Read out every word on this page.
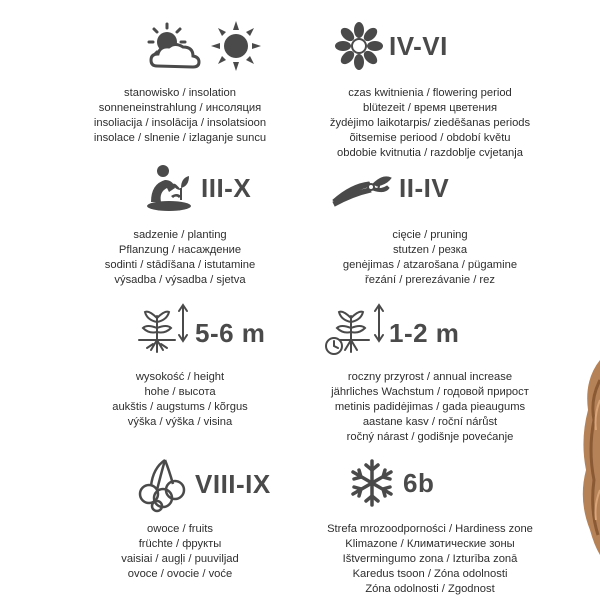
stanowisko / insolation
sonneneinstrahlung / инсоляция
insoliacija / insolācija / insolatsioon
insolace / slnenie / izlaganje suncu
IV-VI
czas kwitnienia / flowering period
blütezeit / время цветения
žydėjimo laikotarpis/ ziedēšanas periods
õitsemise periood / období květu
obdobie kvitnutia / razdoblje cvjetanja
III-X
sadzenie / planting
Pflanzung / насаждение
sodinti / stādīšana / istutamine
výsadba / výsadba / sjetva
II-IV
cięcie / pruning
stutzen / резка
genėjimas / atzarošana / pügamine
řezání / prerezávanie / rez
5-6 m
wysokość / height
hohe / высота
aukštis / augstums / kõrgus
výška / výška / visina
1-2 m
roczny przyrost / annual increase
jährliches Wachstum / годовой прирост
metinis padidėjimas / gada pieaugums
aastane kasv / roční nárůst
ročný nárast / godišnje povećanje
VIII-IX
owoce / fruits
früchte / фрукты
vaisiai / augļi / puuviljad
ovoce / ovocie / voće
6b
Strefa mrozoodporności / Hardiness zone
Klimazone / Климатические зоны
Ištvermingumo zona / Izturība zonā
Karedus tsoon / Zóna odolnosti
Zóna odolnosti / Zgodnost
